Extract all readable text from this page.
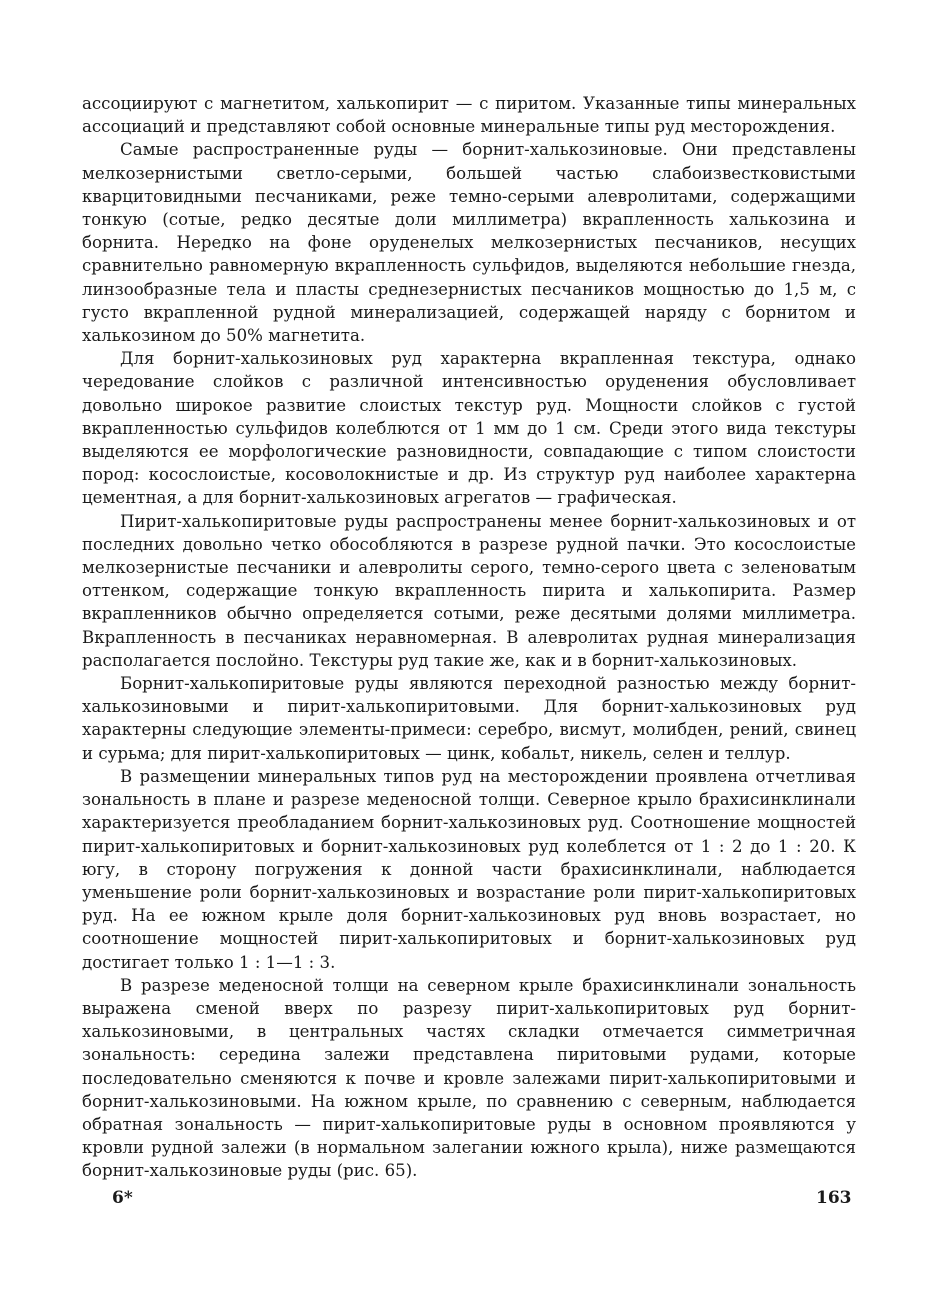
ассоциируют с магнетитом, халькопирит — с пиритом. Указанные типы минеральных ассоциаций и представляют собой основные минеральные типы руд месторождения.

Самые распространенные руды — борнит-халькозиновые. Они представлены мелкозернистыми светло-серыми, большей частью слабоизвестковистыми кварцитовидными песчаниками, реже темно-серыми алевролитами, содержащими тонкую (сотые, редко десятые доли миллиметра) вкрапленность халькозина и борнита. Нередко на фоне оруденелых мелкозернистых песчаников, несущих сравнительно равномерную вкрапленность сульфидов, выделяются небольшие гнезда, линзообразные тела и пласты среднезернистых песчаников мощностью до 1,5 м, с густо вкрапленной рудной минерализацией, содержащей наряду с борнитом и халькозином до 50% магнетита.

Для борнит-халькозиновых руд характерна вкрапленная текстура, однако чередование слойков с различной интенсивностью оруденения обусловливает довольно широкое развитие слоистых текстур руд. Мощности слойков с густой вкрапленностью сульфидов колеблются от 1 мм до 1 см. Среди этого вида текстуры выделяются ее морфологические разновидности, совпадающие с типом слоистости пород: косослоистые, косоволокнистые и др. Из структур руд наиболее характерна цементная, а для борнит-халькозиновых агрегатов — графическая.

Пирит-халькопиритовые руды распространены менее борнит-халькозиновых и от последних довольно четко обособляются в разрезе рудной пачки. Это косослоистые мелкозернистые песчаники и алевролиты серого, темно-серого цвета с зеленоватым оттенком, содержащие тонкую вкрапленность пирита и халькопирита. Размер вкрапленников обычно определяется сотыми, реже десятыми долями миллиметра. Вкрапленность в песчаниках неравномерная. В алевролитах рудная минерализация располагается послойно. Текстуры руд такие же, как и в борнит-халькозиновых.

Борнит-халькопиритовые руды являются переходной разностью между борнит-халькозиновыми и пирит-халькопиритовыми. Для борнит-халькозиновых руд характерны следующие элементы-примеси: серебро, висмут, молибден, рений, свинец и сурьма; для пирит-халькопиритовых — цинк, кобальт, никель, селен и теллур.

В размещении минеральных типов руд на месторождении проявлена отчетливая зональность в плане и разрезе меденосной толщи. Северное крыло брахисинклинали характеризуется преобладанием борнит-халькозиновых руд. Соотношение мощностей пирит-халькопиритовых и борнит-халькозиновых руд колеблется от 1 : 2 до 1 : 20. К югу, в сторону погружения к донной части брахисинклинали, наблюдается уменьшение роли борнит-халькозиновых и возрастание роли пирит-халькопиритовых руд. На ее южном крыле доля борнит-халькозиновых руд вновь возрастает, но соотношение мощностей пирит-халькопиритовых и борнит-халькозиновых руд достигает только 1 : 1—1 : 3.

В разрезе меденосной толщи на северном крыле брахисинклинали зональность выражена сменой вверх по разрезу пирит-халькопиритовых руд борнит-халькозиновыми, в центральных частях складки отмечается симметричная зональность: середина залежи представлена пиритовыми рудами, которые последовательно сменяются к почве и кровле залежами пирит-халькопиритовыми и борнит-халькозиновыми. На южном крыле, по сравнению с северным, наблюдается обратная зональность — пирит-халькопиритовые руды в основном проявляются у кровли рудной залежи (в нормальном залегании южного крыла), ниже размещаются борнит-халькозиновые руды (рис. 65).

6*	163
